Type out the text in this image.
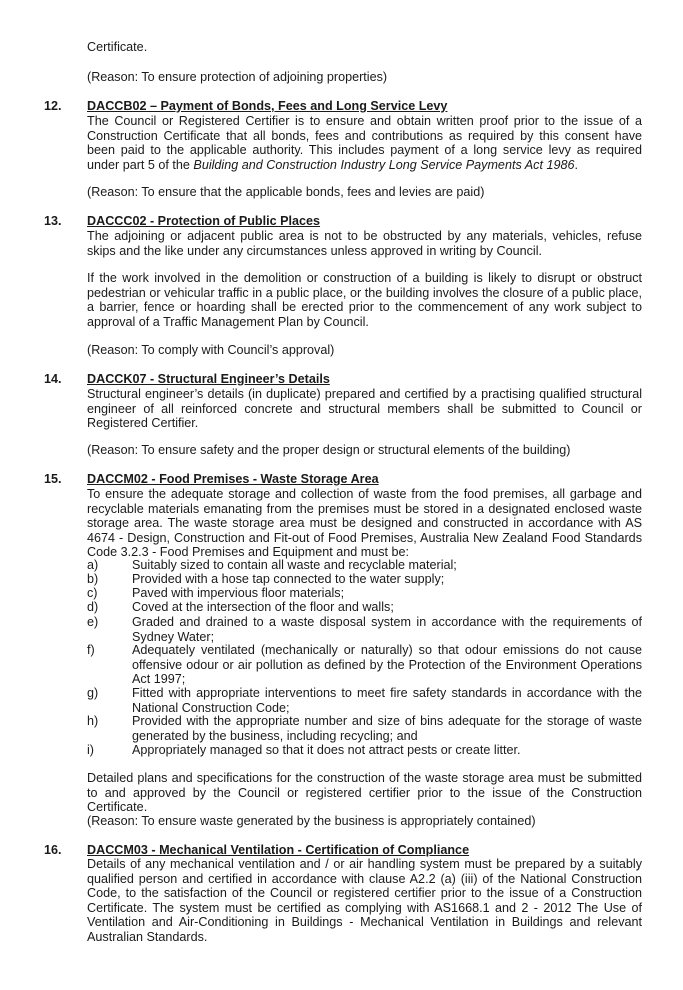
Certificate.

(Reason: To ensure protection of adjoining properties)

12. DACCB02 – Payment of Bonds, Fees and Long Service Levy

The Council or Registered Certifier is to ensure and obtain written proof prior to the issue of a Construction Certificate that all bonds, fees and contributions as required by this consent have been paid to the applicable authority. This includes payment of a long service levy as required under part 5 of the Building and Construction Industry Long Service Payments Act 1986.

(Reason: To ensure that the applicable bonds, fees and levies are paid)

13. DACCC02 - Protection of Public Places

The adjoining or adjacent public area is not to be obstructed by any materials, vehicles, refuse skips and the like under any circumstances unless approved in writing by Council.

If the work involved in the demolition or construction of a building is likely to disrupt or obstruct pedestrian or vehicular traffic in a public place, or the building involves the closure of a public place, a barrier, fence or hoarding shall be erected prior to the commencement of any work subject to approval of a Traffic Management Plan by Council.

(Reason: To comply with Council’s approval)

14. DACCK07 - Structural Engineer’s Details

Structural engineer’s details (in duplicate) prepared and certified by a practising qualified structural engineer of all reinforced concrete and structural members shall be submitted to Council or Registered Certifier.

(Reason: To ensure safety and the proper design or structural elements of the building)

15. DACCM02 - Food Premises - Waste Storage Area

To ensure the adequate storage and collection of waste from the food premises, all garbage and recyclable materials emanating from the premises must be stored in a designated enclosed waste storage area. The waste storage area must be designed and constructed in accordance with AS 4674 - Design, Construction and Fit-out of Food Premises, Australia New Zealand Food Standards Code 3.2.3 - Food Premises and Equipment and must be:

a)	Suitably sized to contain all waste and recyclable material;

b)	Provided with a hose tap connected to the water supply;

c)	Paved with impervious floor materials;

d)	Coved at the intersection of the floor and walls;

e)	Graded and drained to a waste disposal system in accordance with the requirements of Sydney Water;

f)	Adequately ventilated (mechanically or naturally) so that odour emissions do not cause offensive odour or air pollution as defined by the Protection of the Environment Operations Act 1997;

g)	Fitted with appropriate interventions to meet fire safety standards in accordance with the National Construction Code;

h)	Provided with the appropriate number and size of bins adequate for the storage of waste generated by the business, including recycling; and

i)	Appropriately managed so that it does not attract pests or create litter.

Detailed plans and specifications for the construction of the waste storage area must be submitted to and approved by the Council or registered certifier prior to the issue of the Construction Certificate.

(Reason: To ensure waste generated by the business is appropriately contained)

16. DACCM03 - Mechanical Ventilation - Certification of Compliance

Details of any mechanical ventilation and / or air handling system must be prepared by a suitably qualified person and certified in accordance with clause A2.2 (a) (iii) of the National Construction Code, to the satisfaction of the Council or registered certifier prior to the issue of a Construction Certificate. The system must be certified as complying with AS1668.1 and 2 - 2012 The Use of Ventilation and Air-Conditioning in Buildings - Mechanical Ventilation in Buildings and relevant Australian Standards.
